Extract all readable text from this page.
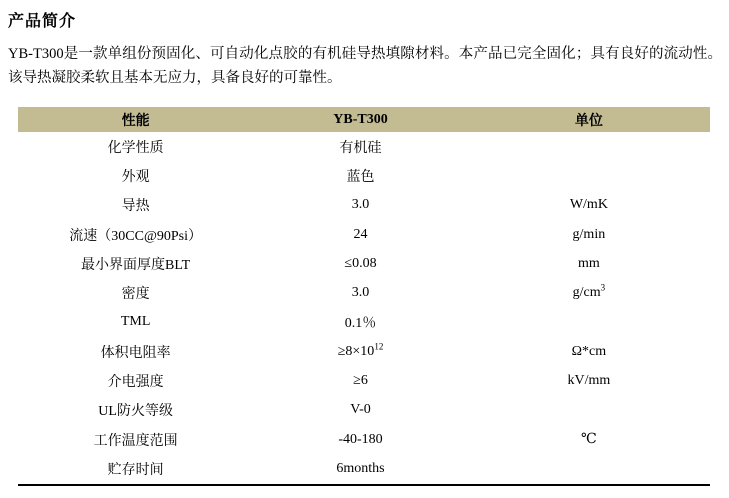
产品简介

YB-T300是一款单组份预固化、可自动化点胶的有机硅导热填隙材料。本产品已完全固化；具有良好的流动性。该导热凝胶柔软且基本无应力，具备良好的可靠性。

性能	YB-T300	单位
化学性质	有机硅	
外观	蓝色	
导热	3.0	W/mK
流速（30CC@90Psi）	24	g/min
最小界面厚度BLT	≤0.08	mm
密度	3.0	$g/cm^3$
TML	0.1％	
体积电阻率	$\ge 8\times 10^{12}$	Ω*cm
介电强度	≥6	kV/mm
UL防火等级	V-0	
工作温度范围	-40-180	℃
贮存时间	6months	
